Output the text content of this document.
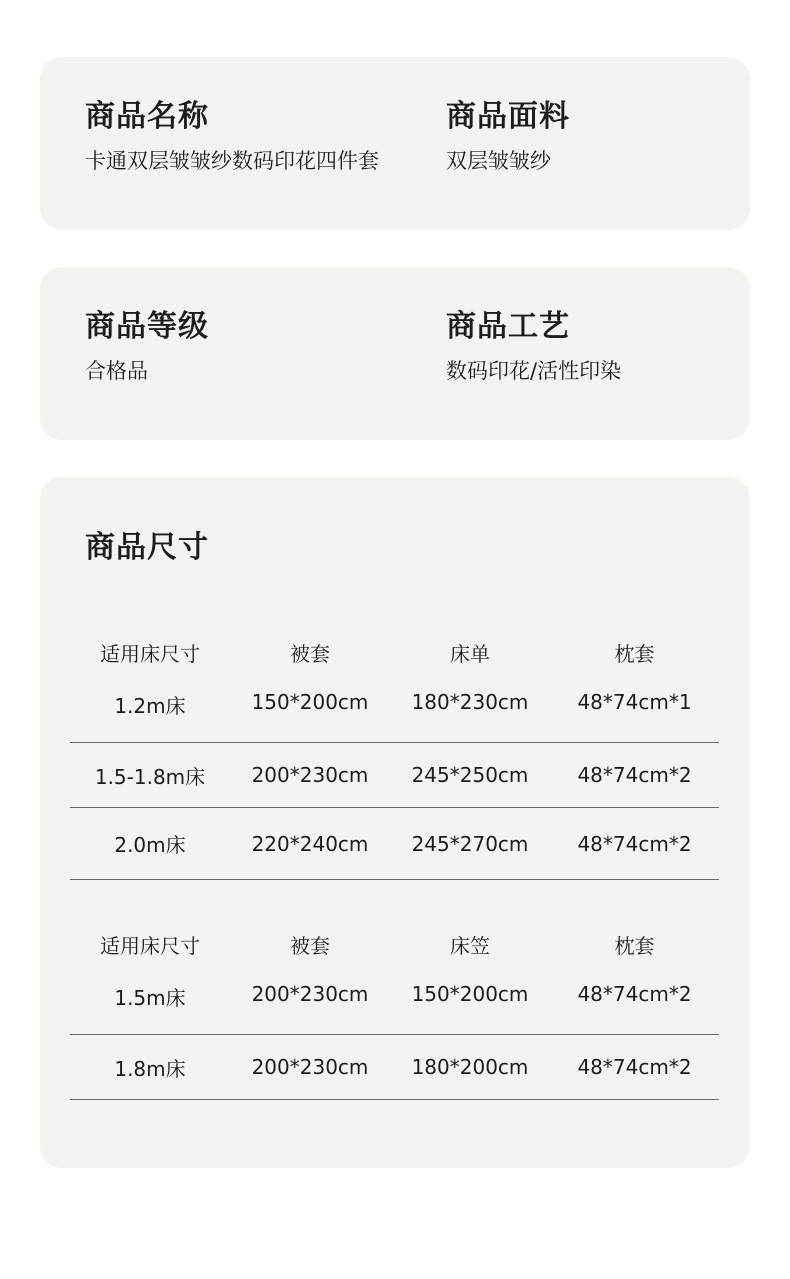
商品名称
卡通双层皱皱纱数码印花四件套
商品面料
双层皱皱纱
商品等级
合格品
商品工艺
数码印花/活性印染
商品尺寸
适用床尺寸	被套	床单	枕套
1.2m床	150*200cm	180*230cm	48*74cm*1
1.5-1.8m床	200*230cm	245*250cm	48*74cm*2
2.0m床	220*240cm	245*270cm	48*74cm*2
适用床尺寸	被套	床笠	枕套
1.5m床	200*230cm	150*200cm	48*74cm*2
1.8m床	200*230cm	180*200cm	48*74cm*2
